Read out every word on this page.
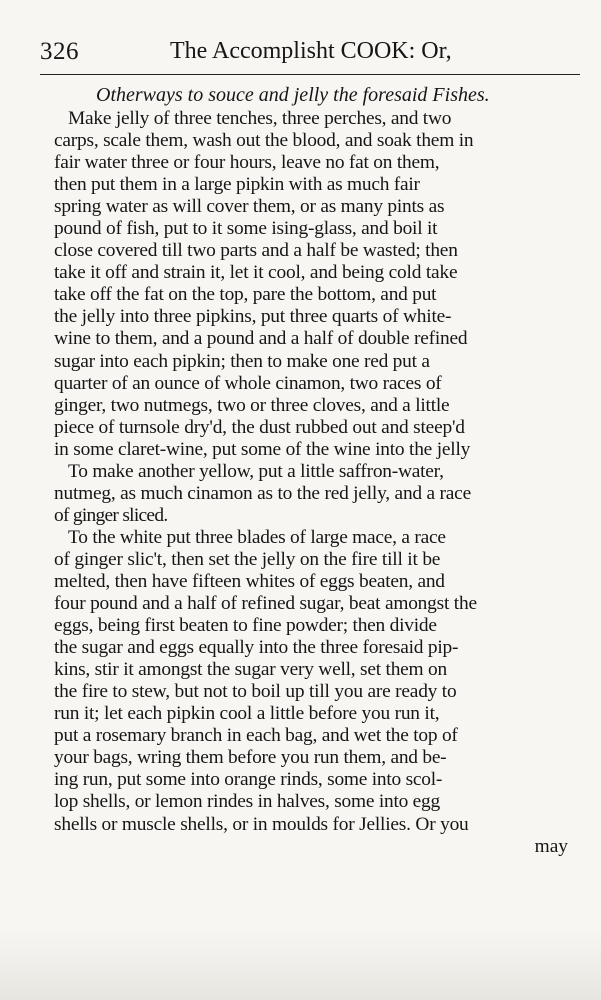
326	The Accomplisht COOK: Or,
Otherways to souce and jelly the foresaid Fishes.
Make jelly of three tenches, three perches, and two
carps, scale them, wash out the blood, and soak them in
fair water three or four hours, leave no fat on them,
then put them in a large pipkin with as much fair
spring water as will cover them, or as many pints as
pound of fish, put to it some ising-glass, and boil it
close covered till two parts and a half be wasted; then
take it off and strain it, let it cool, and being cold take
take off the fat on the top, pare the bottom, and put
the jelly into three pipkins, put three quarts of white-
wine to them, and a pound and a half of double refined
sugar into each pipkin; then to make one red put a
quarter of an ounce of whole cinamon, two races of
ginger, two nutmegs, two or three cloves, and a little
piece of turnsole dry'd, the dust rubbed out and steep'd
in some claret-wine, put some of the wine into the jelly
To make another yellow, put a little saffron-water,
nutmeg, as much cinamon as to the red jelly, and a race
of ginger sliced.
To the white put three blades of large mace, a race
of ginger slic't, then set the jelly on the fire till it be
melted, then have fifteen whites of eggs beaten, and
four pound and a half of refined sugar, beat amongst the
eggs, being first beaten to fine powder; then divide
the sugar and eggs equally into the three foresaid pip-
kins, stir it amongst the sugar very well, set them on
the fire to stew, but not to boil up till you are ready to
run it; let each pipkin cool a little before you run it,
put a rosemary branch in each bag, and wet the top of
your bags, wring them before you run them, and be-
ing run, put some into orange rinds, some into scol-
lop shells, or lemon rindes in halves, some into egg
shells or muscle shells, or in moulds for Jellies. Or you
may
